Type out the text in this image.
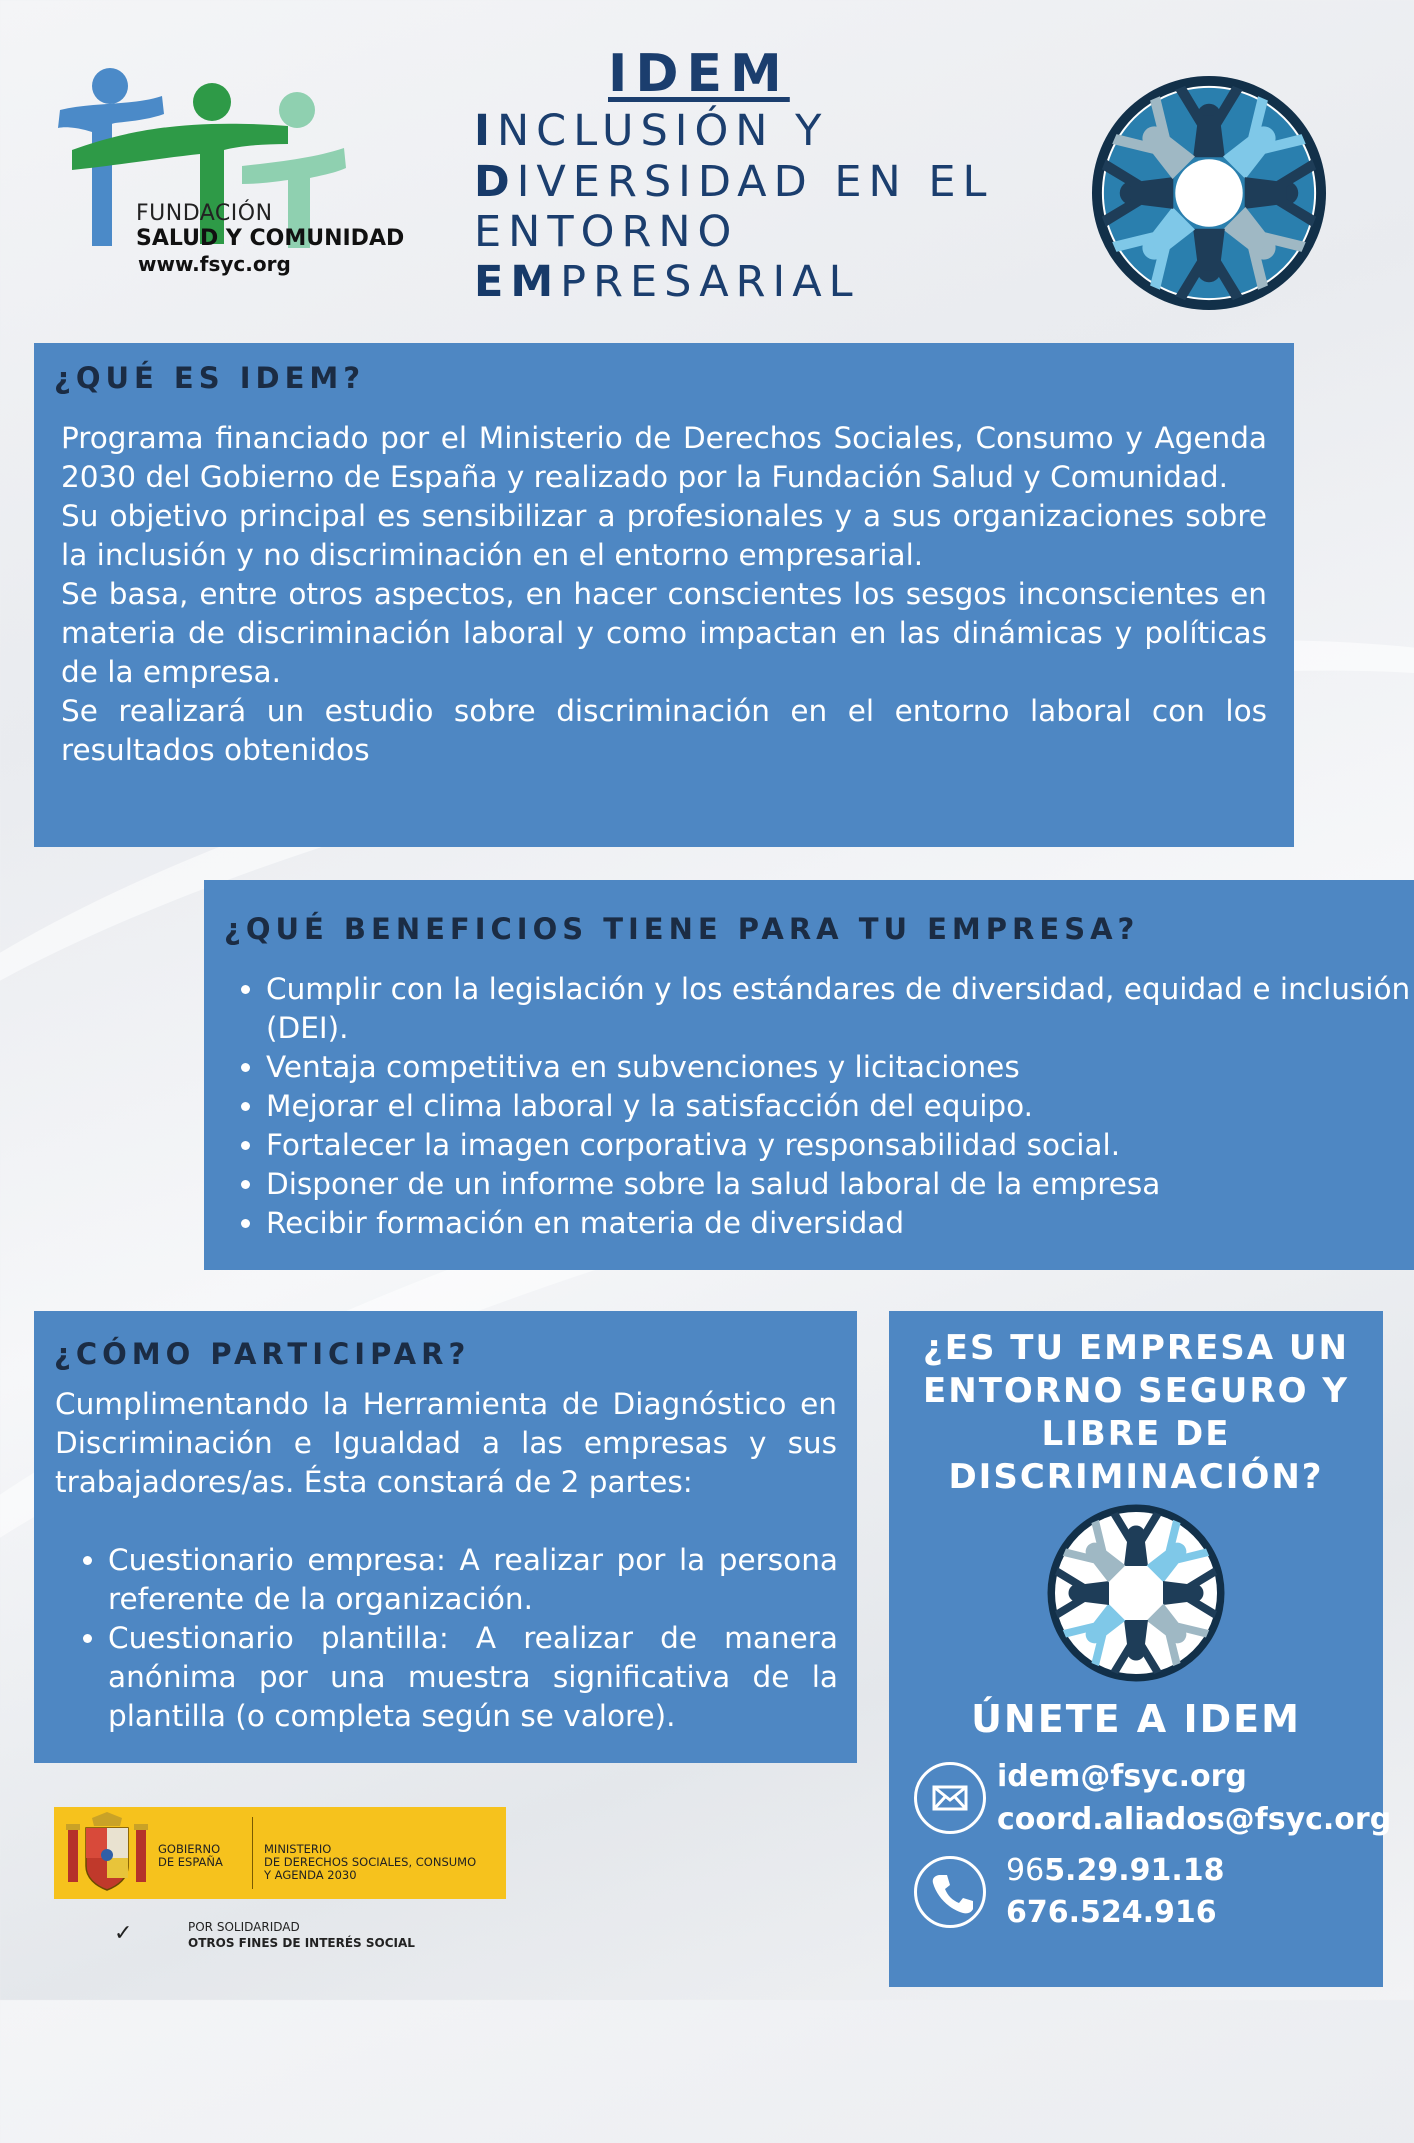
FUNDACIÓN
SALUD Y COMUNIDAD
www.fsyc.org
IDEM
INCLUSIÓN Y
DIVERSIDAD EN EL
ENTORNO
EMPRESARIAL
¿QUÉ ES IDEM?

Programa financiado por el Ministerio de Derechos Sociales, Consumo y Agenda 2030 del Gobierno de España y realizado por la Fundación Salud y Comunidad.

Su objetivo principal es sensibilizar a profesionales y a sus organizaciones sobre la inclusión y no discriminación en el entorno empresarial.

Se basa, entre otros aspectos, en hacer conscientes los sesgos inconscientes en materia de discriminación laboral y como impactan en las dinámicas y políticas de la empresa.

Se realizará un estudio sobre discriminación en el entorno laboral con los resultados obtenidos

¿QUÉ BENEFICIOS TIENE PARA TU EMPRESA?
• Cumplir con la legislación y los estándares de diversidad, equidad e inclusión (DEI).
• Ventaja competitiva en subvenciones y licitaciones
• Mejorar el clima laboral y la satisfacción del equipo.
• Fortalecer la imagen corporativa y responsabilidad social.
• Disponer de un informe sobre la salud laboral de la empresa
• Recibir formación en materia de diversidad
¿CÓMO PARTICIPAR?

Cumplimentando la Herramienta de Diagnóstico en Discriminación e Igualdad a las empresas y sus trabajadores/as. Ésta constará de 2 partes:

• Cuestionario empresa: A realizar por la persona referente de la organización.
• Cuestionario plantilla: A realizar de manera anónima por una muestra significativa de la plantilla (o completa según se valore).
¿ES TU EMPRESA UN
ENTORNO SEGURO Y
LIBRE DE
DISCRIMINACIÓN?
ÚNETE A IDEM
idem@fsyc.org
coord.aliados@fsyc.org
965.29.91.18
676.524.916
GOBIERNO
DE ESPAÑA
MINISTERIO
DE DERECHOS SOCIALES, CONSUMO
Y AGENDA 2030
✓	POR SOLIDARIDAD
OTROS FINES DE INTERÉS SOCIAL
